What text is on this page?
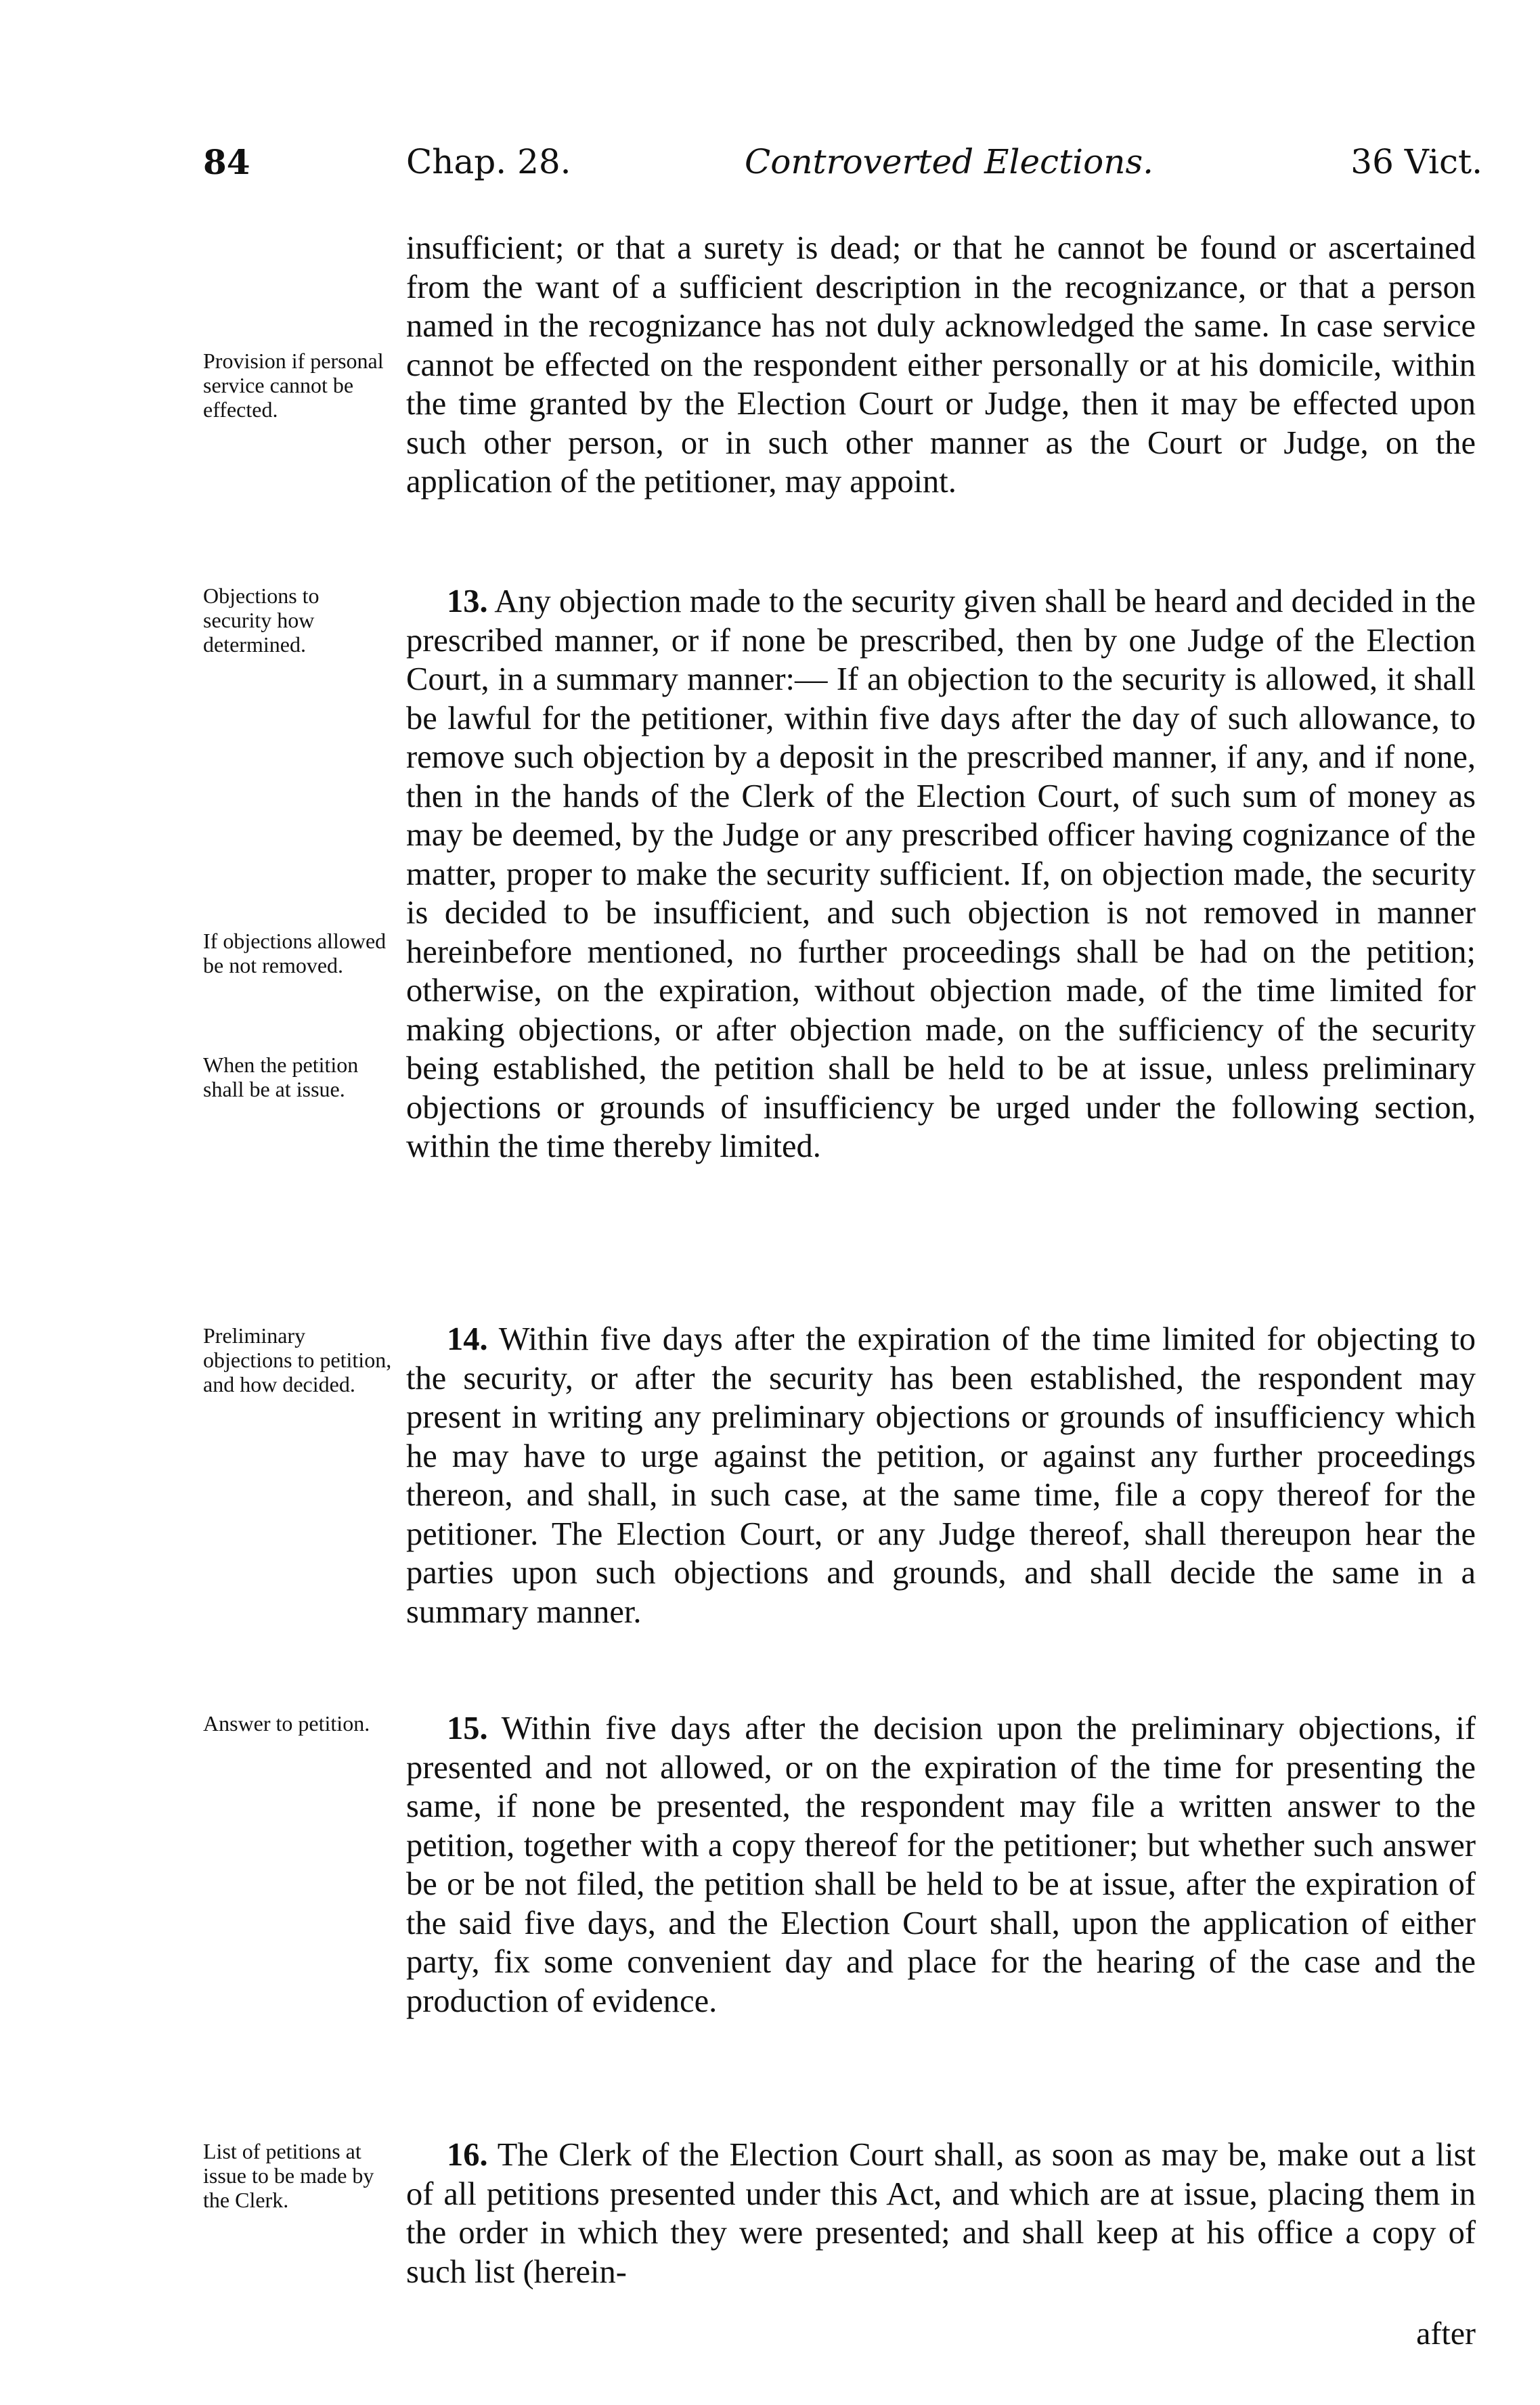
84	Chap. 28.	Controverted Elections.	36 Vict.
Provision if personal service cannot be effected.
Objections to security how determined.
If objections allowed be not removed.
When the petition shall be at issue.
Preliminary objections to petition, and how decided.
Answer to petition.
List of petitions at issue to be made by the Clerk.

insufficient; or that a surety is dead; or that he cannot be found or ascertained from the want of a sufficient description in the recognizance, or that a person named in the recognizance has not duly acknowledged the same. In case service cannot be effected on the respondent either personally or at his domicile, within the time granted by the Election Court or Judge, then it may be effected upon such other person, or in such other manner as the Court or Judge, on the application of the petitioner, may appoint.

13. Any objection made to the security given shall be heard and decided in the prescribed manner, or if none be prescribed, then by one Judge of the Election Court, in a summary manner:— If an objection to the security is allowed, it shall be lawful for the petitioner, within five days after the day of such allowance, to remove such objection by a deposit in the prescribed manner, if any, and if none, then in the hands of the Clerk of the Election Court, of such sum of money as may be deemed, by the Judge or any prescribed officer having cognizance of the matter, proper to make the security sufficient. If, on objection made, the security is decided to be insufficient, and such objection is not removed in manner hereinbefore mentioned, no further proceedings shall be had on the petition; otherwise, on the expiration, without objection made, of the time limited for making objections, or after objection made, on the sufficiency of the security being established, the petition shall be held to be at issue, unless preliminary objections or grounds of insufficiency be urged under the following section, within the time thereby limited.

14. Within five days after the expiration of the time limited for objecting to the security, or after the security has been established, the respondent may present in writing any preliminary objections or grounds of insufficiency which he may have to urge against the petition, or against any further proceedings thereon, and shall, in such case, at the same time, file a copy thereof for the petitioner. The Election Court, or any Judge thereof, shall thereupon hear the parties upon such objections and grounds, and shall decide the same in a summary manner.

15. Within five days after the decision upon the preliminary objections, if presented and not allowed, or on the expiration of the time for presenting the same, if none be presented, the respondent may file a written answer to the petition, together with a copy thereof for the petitioner; but whether such answer be or be not filed, the petition shall be held to be at issue, after the expiration of the said five days, and the Election Court shall, upon the application of either party, fix some convenient day and place for the hearing of the case and the production of evidence.

16. The Clerk of the Election Court shall, as soon as may be, make out a list of all petitions presented under this Act, and which are at issue, placing them in the order in which they were presented; and shall keep at his office a copy of such list (herein-

after
